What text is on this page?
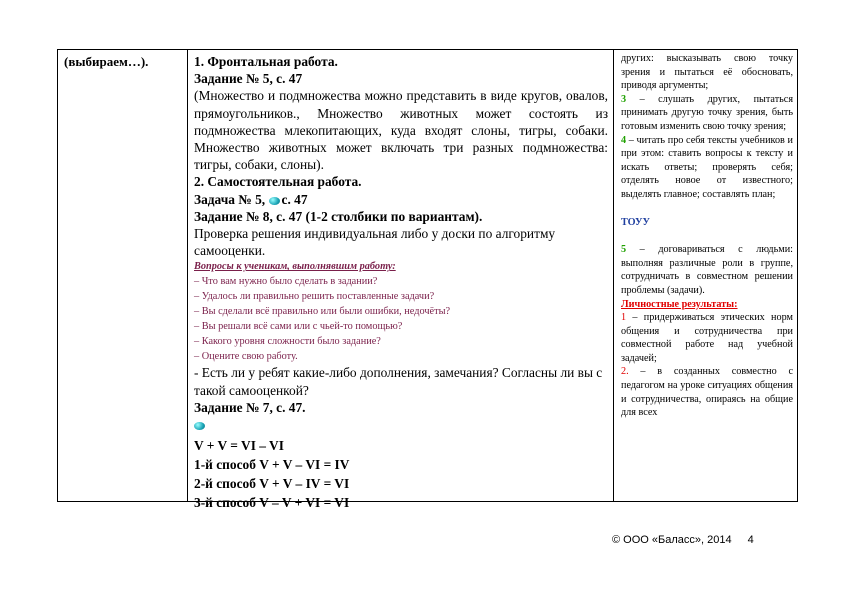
(выбираем…).	1. Фронтальная работа.

Задание № 5, с. 47

(Множество и подмножества можно представить в виде кругов, овалов, прямоугольников., Множество животных может состоять из подмножества млекопитающих, куда входят слоны, тигры, собаки. Множество животных может включать три разных подмножества: тигры, собаки, слоны).

2. Самостоятельная работа.

Задача № 5, с. 47

Задание № 8, с. 47 (1-2 столбики по вариантам).

Проверка решения индивидуальная либо у доски по алгоритму самооценки.

Вопросы к ученикам, выполнявшим работу:

– Что вам нужно было сделать в задании?

– Удалось ли правильно решить поставленные задачи?

– Вы сделали всё правильно или были ошибки, недочёты?

– Вы решали всё сами или с чьей-то помощью?

– Какого уровня сложности было задание?

– Оцените свою работу.

- Есть ли у ребят какие-либо дополнения, замечания? Согласны ли вы с такой самооценкой?

Задание № 7, с. 47.

V + V = VI – VI

1-й способ V + V – VI = IV

2-й способ V + V – IV = VI

3-й способ V – V + VI = VI

других: высказывать свою точку зрения и пытаться её обосновать, приводя аргументы;

3 – слушать других, пытаться принимать другую точку зрения, быть готовым изменить свою точку зрения;

4 – читать про себя тексты учебников и при этом: ставить вопросы к тексту и искать ответы; проверять себя; отделять новое от известного; выделять главное; составлять план;

ТОУУ

5 – договариваться с людьми: выполняя различные роли в группе, сотрудничать в совместном решении проблемы (задачи).

Личностные результаты:

1 – придерживаться этических норм общения и сотрудничества при совместной работе над учебной задачей;

2. – в созданных совместно с педагогом на уроке ситуациях общения и сотрудничества, опираясь на общие для всех

© ООО «Баласс», 2014 4
